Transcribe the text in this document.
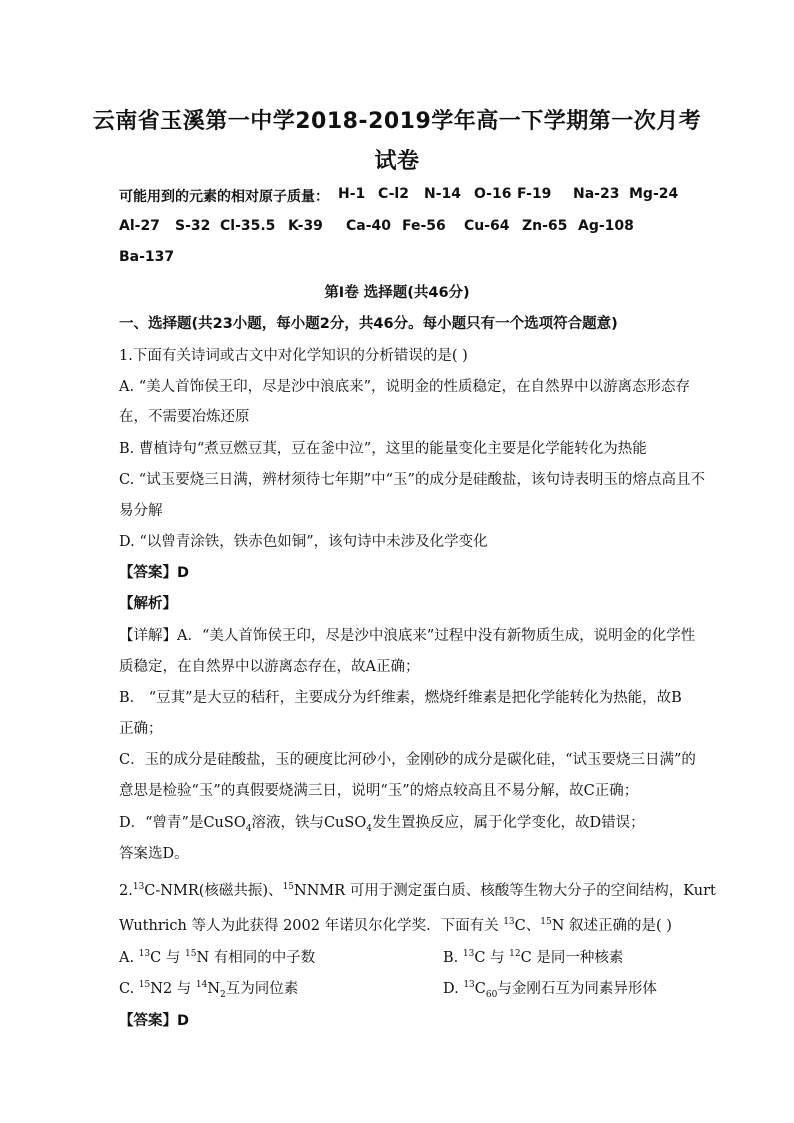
云南省玉溪第一中学2018-2019学年高一下学期第一次月考
试卷
可能用到的元素的相对原子质量： H-1 C-l2 N-14 O-16 F-19 Na-23 Mg-24
Al-27 S-32 Cl-35.5 K-39 Ca-40 Fe-56 Cu-64 Zn-65 Ag-108
Ba-137
第Ⅰ卷 选择题(共46分)
一、选择题(共23小题，每小题2分，共46分。每小题只有一个选项符合题意)
1.下面有关诗词或古文中对化学知识的分析错误的是( )
A. “美人首饰侯王印，尽是沙中浪底来”，说明金的性质稳定，在自然界中以游离态形态存
在，不需要冶炼还原
B. 曹植诗句“煮豆燃豆萁，豆在釜中泣”，这里的能量变化主要是化学能转化为热能
C. “试玉要烧三日满，辨材须待七年期”中“玉”的成分是硅酸盐，该句诗表明玉的熔点高且不
易分解
D. “以曾青涂铁，铁赤色如铜”，该句诗中未涉及化学变化
【答案】D
【解析】
【详解】A．“美人首饰侯王印，尽是沙中浪底来”过程中没有新物质生成，说明金的化学性
质稳定，在自然界中以游离态存在，故A正确；
B． “豆萁”是大豆的秸秆，主要成分为纤维素，燃烧纤维素是把化学能转化为热能，故B
正确；
C．玉的成分是硅酸盐，玉的硬度比河砂小，金刚砂的成分是碳化硅，“试玉要烧三日满”的
意思是检验“玉”的真假要烧满三日，说明“玉”的熔点较高且不易分解，故C正确；
D．“曾青”是CuSO$_4$溶液，铁与CuSO$_4$发生置换反应，属于化学变化，故D错误；
答案选D。
2.13C-NMR(核磁共振)、$^{15}$NNMR 可用于测定蛋白质、核酸等生物大分子的空间结构，Kurt
Wuthrich 等人为此获得 2002 年诺贝尔化学奖．下面有关 $^{13}$C、$^{15}$N 叙述正确的是( )
A. $^{13}$C 与 $^{15}$N 有相同的中子数	B. $^{13}$C 与 $^{12}$C 是同一种核素
C. $^{15}$N2 与 $^{14}N_2$互为同位素	D. $^{13}C_{60}$与金刚石互为同素异形体
【答案】D
